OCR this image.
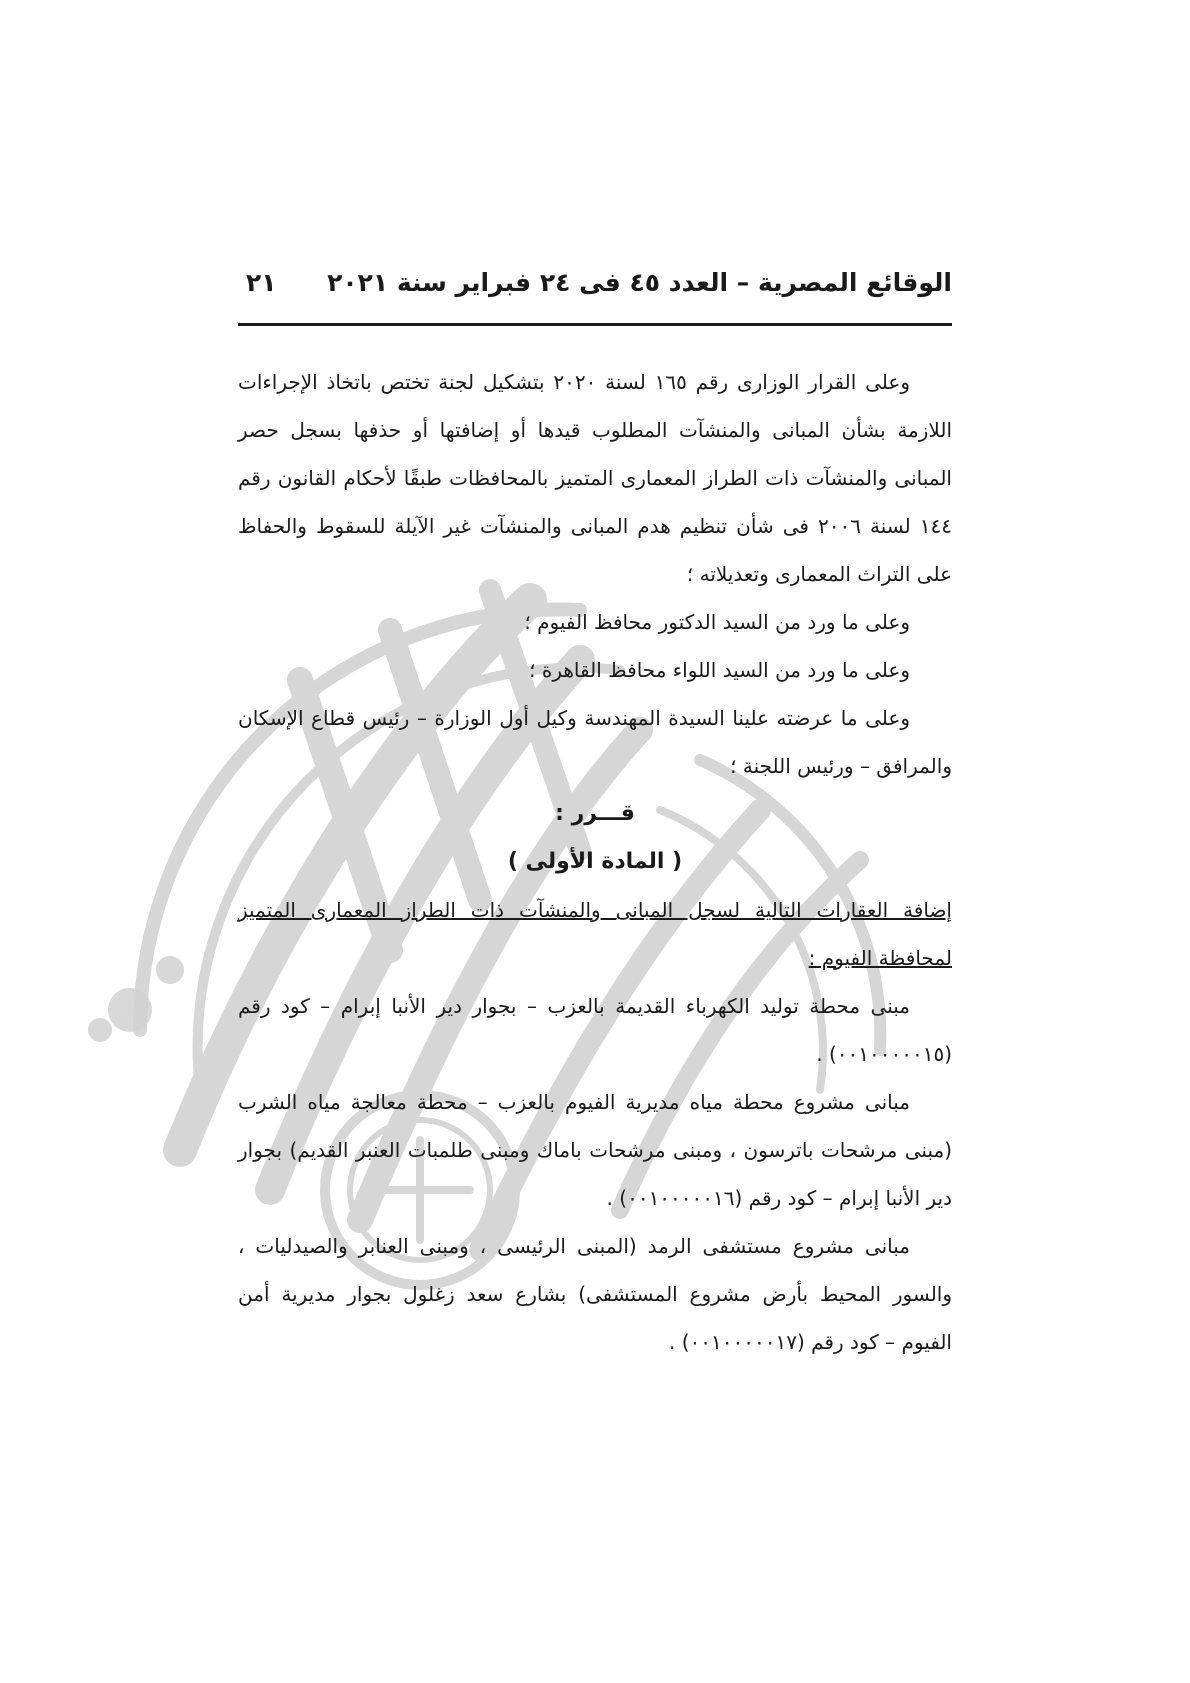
الوقائع المصرية – العدد ٤٥ فى ٢٤ فبراير سنة ٢٠٢١
٢١

وعلى القرار الوزارى رقم ١٦٥ لسنة ٢٠٢٠ بتشكيل لجنة تختص باتخاذ الإجراءات اللازمة بشأن المبانى والمنشآت المطلوب قيدها أو إضافتها أو حذفها بسجل حصر المبانى والمنشآت ذات الطراز المعمارى المتميز بالمحافظات طبقًا لأحكام القانون رقم ١٤٤ لسنة ٢٠٠٦ فى شأن تنظيم هدم المبانى والمنشآت غير الآيلة للسقوط والحفاظ على التراث المعمارى وتعديلاته ؛

وعلى ما ورد من السيد الدكتور محافظ الفيوم ؛

وعلى ما ورد من السيد اللواء محافظ القاهرة ؛

وعلى ما عرضته علينا السيدة المهندسة وكيل أول الوزارة – رئيس قطاع الإسكان والمرافق – ورئيس اللجنة ؛

قـــرر :

( المادة الأولى )

إضافة العقارات التالية لسجل المبانى والمنشآت ذات الطراز المعمارى المتميز لمحافظة الفيوم :

مبنى محطة توليد الكهرباء القديمة بالعزب – بجوار دير الأنبا إبرام – كود رقم (٠٠١٠٠٠٠٠١٥) .

مبانى مشروع محطة مياه مديرية الفيوم بالعزب – محطة معالجة مياه الشرب (مبنى مرشحات باترسون ، ومبنى مرشحات باماك ومبنى طلمبات العنبر القديم) بجوار دير الأنبا إبرام – كود رقم (٠٠١٠٠٠٠٠١٦) .

مبانى مشروع مستشفى الرمد (المبنى الرئيسى ، ومبنى العنابر والصيدليات ، والسور المحيط بأرض مشروع المستشفى) بشارع سعد زغلول بجوار مديرية أمن الفيوم – كود رقم (٠٠١٠٠٠٠٠١٧) .
